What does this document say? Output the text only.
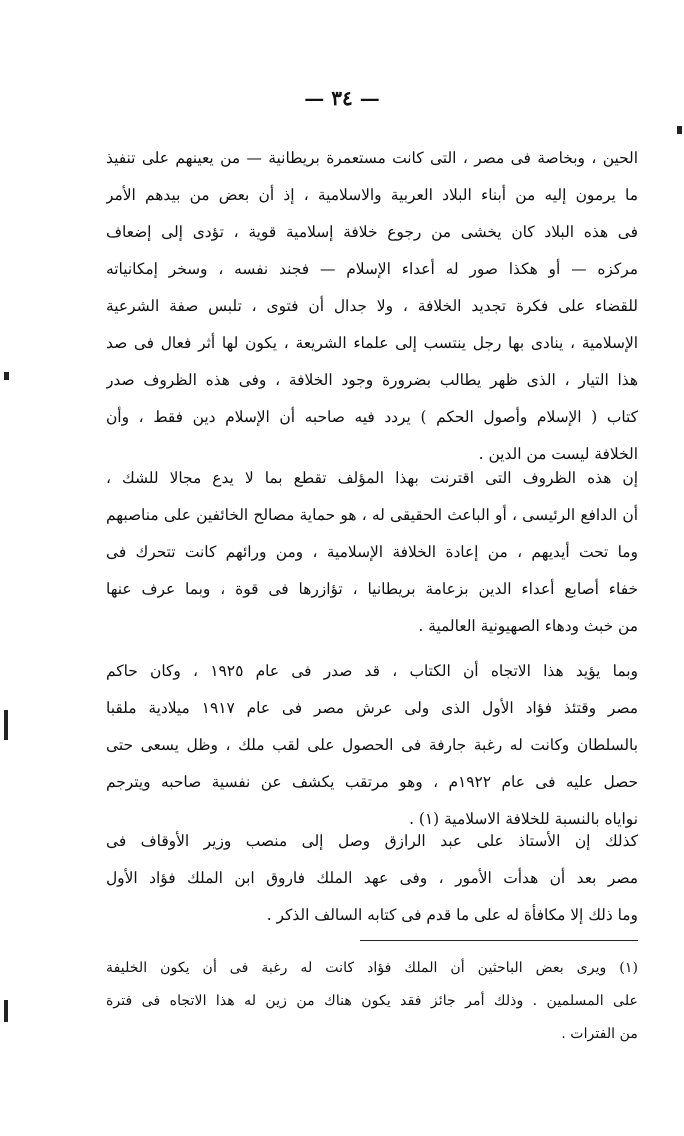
— ٣٤ —
الحين ، وبخاصة فى مصر ، التى كانت مستعمرة بريطانية — من يعينهم على تنفيذ
ما يرمون إليه من أبناء البلاد العربية والاسلامية ، إذ أن بعض من بيدهم الأمر
فى هذه البلاد كان يخشى من رجوع خلافة إسلامية قوية ، تؤدى إلى إضعاف
مركزه — أو هكذا صور له أعداء الإسلام — فجند نفسه ، وسخر إمكانياته
للقضاء على فكرة تجديد الخلافة ، ولا جدال أن فتوى ، تلبس صفة الشرعية
الإسلامية ، ينادى بها رجل ينتسب إلى علماء الشريعة ، يكون لها أثر فعال فى صد
هذا التيار ، الذى ظهر يطالب بضرورة وجود الخلافة ، وفى هذه الظروف صدر
كتاب ( الإسلام وأصول الحكم ) يردد فيه صاحبه أن الإسلام دين فقط ، وأن
الخلافة ليست من الدين .
إن هذه الظروف التى اقترنت بهذا المؤلف تقطع بما لا يدع مجالا للشك ،
أن الدافع الرئيسى ، أو الباعث الحقيقى له ، هو حماية مصالح الخائفين على مناصبهم
وما تحت أيديهم ، من إعادة الخلافة الإسلامية ، ومن ورائهم كانت تتحرك فى
خفاء أصابع أعداء الدين بزعامة بريطانيا ، تؤازرها فى قوة ، وبما عرف عنها
من خبث ودهاء الصهيونية العالمية .
وبما يؤيد هذا الاتجاه أن الكتاب ، قد صدر فى عام ١٩٢٥ ، وكان حاكم
مصر وقتئذ فؤاد الأول الذى ولى عرش مصر فى عام ١٩١٧ ميلادية ملقبا
بالسلطان وكانت له رغبة جارفة فى الحصول على لقب ملك ، وظل يسعى حتى
حصل عليه فى عام ١٩٢٢م ، وهو مرتقب يكشف عن نفسية صاحبه ويترجم
نواياه بالنسبة للخلافة الاسلامية (١) .
كذلك إن الأستاذ على عبد الرازق وصل إلى منصب وزير الأوقاف فى
مصر بعد أن هدأت الأمور ، وفى عهد الملك فاروق ابن الملك فؤاد الأول
وما ذلك إلا مكافأة له على ما قدم فى كتابه السالف الذكر .
(١) ويرى بعض الباحثين أن الملك فؤاد كانت له رغبة فى أن يكون الخليفة
على المسلمين . وذلك أمر جائز فقد يكون هناك من زين له هذا الاتجاه فى فترة
من الفترات .
